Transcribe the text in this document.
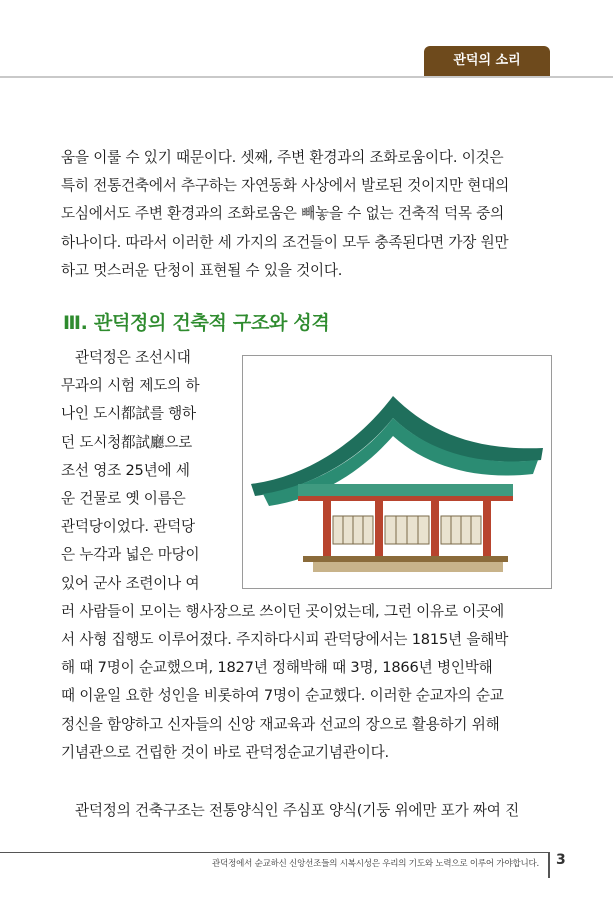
관덕의 소리

움을 이룰 수 있기 때문이다. 셋째, 주변 환경과의 조화로움이다. 이것은
특히 전통건축에서 추구하는 자연동화 사상에서 발로된 것이지만 현대의
도심에서도 주변 환경과의 조화로움은 빼놓을 수 없는 건축적 덕목 중의
하나이다. 따라서 이러한 세 가지의 조건들이 모두 충족된다면 가장 원만
하고 멋스러운 단청이 표현될 수 있을 것이다.

Ⅲ. 관덕정의 건축적 구조와 성격

관덕정은 조선시대
무과의 시험 제도의 하
나인 도시都試를 행하
던 도시청都試廳으로
조선 영조 25년에 세
운 건물로 옛 이름은
관덕당이었다. 관덕당
은 누각과 넓은 마당이
있어 군사 조련이나 여
러 사람들이 모이는 행사장으로 쓰이던 곳이었는데, 그런 이유로 이곳에
서 사형 집행도 이루어졌다. 주지하다시피 관덕당에서는 1815년 을해박
해 때 7명이 순교했으며, 1827년 정해박해 때 3명, 1866년 병인박해
때 이윤일 요한 성인을 비롯하여 7명이 순교했다. 이러한 순교자의 순교
정신을 함양하고 신자들의 신앙 재교육과 선교의 장으로 활용하기 위해
기념관으로 건립한 것이 바로 관덕정순교기념관이다.

관덕정의 건축구조는 전통양식인 주심포 양식(기둥 위에만 포가 짜여 진

관덕정에서 순교하신 신앙선조들의 시복시성은 우리의 기도와 노력으로 이루어 가야합니다. 3
